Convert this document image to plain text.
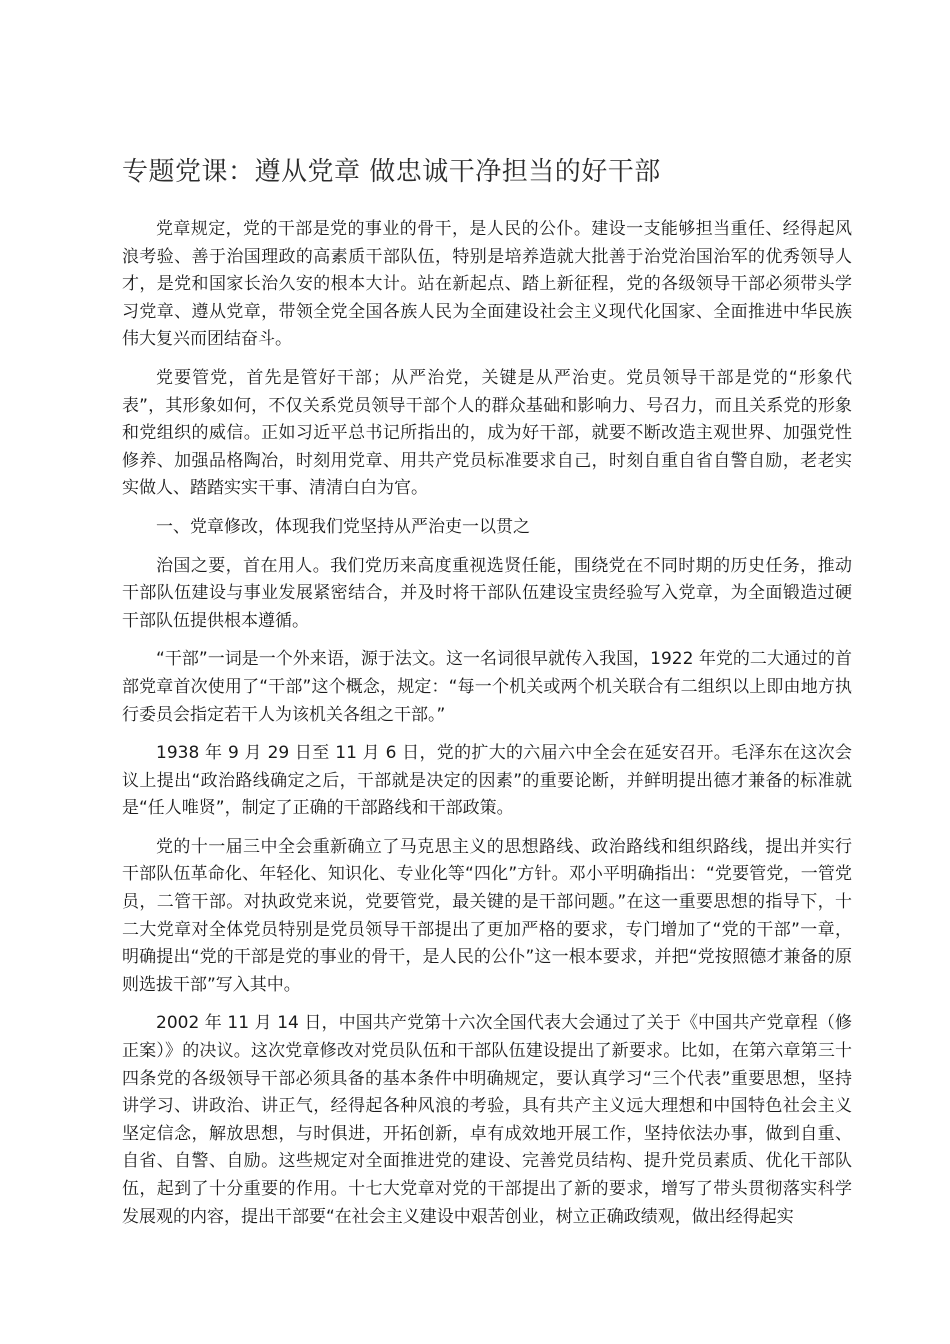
专题党课：遵从党章 做忠诚干净担当的好干部

党章规定，党的干部是党的事业的骨干，是人民的公仆。建设一支能够担当重任、经得起风浪考验、善于治国理政的高素质干部队伍，特别是培养造就大批善于治党治国治军的优秀领导人才，是党和国家长治久安的根本大计。站在新起点、踏上新征程，党的各级领导干部必须带头学习党章、遵从党章，带领全党全国各族人民为全面建设社会主义现代化国家、全面推进中华民族伟大复兴而团结奋斗。

党要管党，首先是管好干部；从严治党，关键是从严治吏。党员领导干部是党的“形象代表”，其形象如何，不仅关系党员领导干部个人的群众基础和影响力、号召力，而且关系党的形象和党组织的威信。正如习近平总书记所指出的，成为好干部，就要不断改造主观世界、加强党性修养、加强品格陶冶，时刻用党章、用共产党员标准要求自己，时刻自重自省自警自励，老老实实做人、踏踏实实干事、清清白白为官。

一、党章修改，体现我们党坚持从严治吏一以贯之

治国之要，首在用人。我们党历来高度重视选贤任能，围绕党在不同时期的历史任务，推动干部队伍建设与事业发展紧密结合，并及时将干部队伍建设宝贵经验写入党章，为全面锻造过硬干部队伍提供根本遵循。

“干部”一词是一个外来语，源于法文。这一名词很早就传入我国，1922 年党的二大通过的首部党章首次使用了“干部”这个概念，规定：“每一个机关或两个机关联合有二组织以上即由地方执行委员会指定若干人为该机关各组之干部。”

1938 年 9 月 29 日至 11 月 6 日，党的扩大的六届六中全会在延安召开。毛泽东在这次会议上提出“政治路线确定之后，干部就是决定的因素”的重要论断，并鲜明提出德才兼备的标准就是“任人唯贤”，制定了正确的干部路线和干部政策。

党的十一届三中全会重新确立了马克思主义的思想路线、政治路线和组织路线，提出并实行干部队伍革命化、年轻化、知识化、专业化等“四化”方针。邓小平明确指出：“党要管党，一管党员，二管干部。对执政党来说，党要管党，最关键的是干部问题。”在这一重要思想的指导下，十二大党章对全体党员特别是党员领导干部提出了更加严格的要求，专门增加了“党的干部”一章，明确提出“党的干部是党的事业的骨干，是人民的公仆”这一根本要求，并把“党按照德才兼备的原则选拔干部”写入其中。

2002 年 11 月 14 日，中国共产党第十六次全国代表大会通过了关于《中国共产党章程（修正案）》的决议。这次党章修改对党员队伍和干部队伍建设提出了新要求。比如，在第六章第三十四条党的各级领导干部必须具备的基本条件中明确规定，要认真学习“三个代表”重要思想，坚持讲学习、讲政治、讲正气，经得起各种风浪的考验，具有共产主义远大理想和中国特色社会主义坚定信念，解放思想，与时俱进，开拓创新，卓有成效地开展工作，坚持依法办事，做到自重、自省、自警、自励。这些规定对全面推进党的建设、完善党员结构、提升党员素质、优化干部队伍，起到了十分重要的作用。十七大党章对党的干部提出了新的要求，增写了带头贯彻落实科学发展观的内容，提出干部要“在社会主义建设中艰苦创业，树立正确政绩观，做出经得起实
